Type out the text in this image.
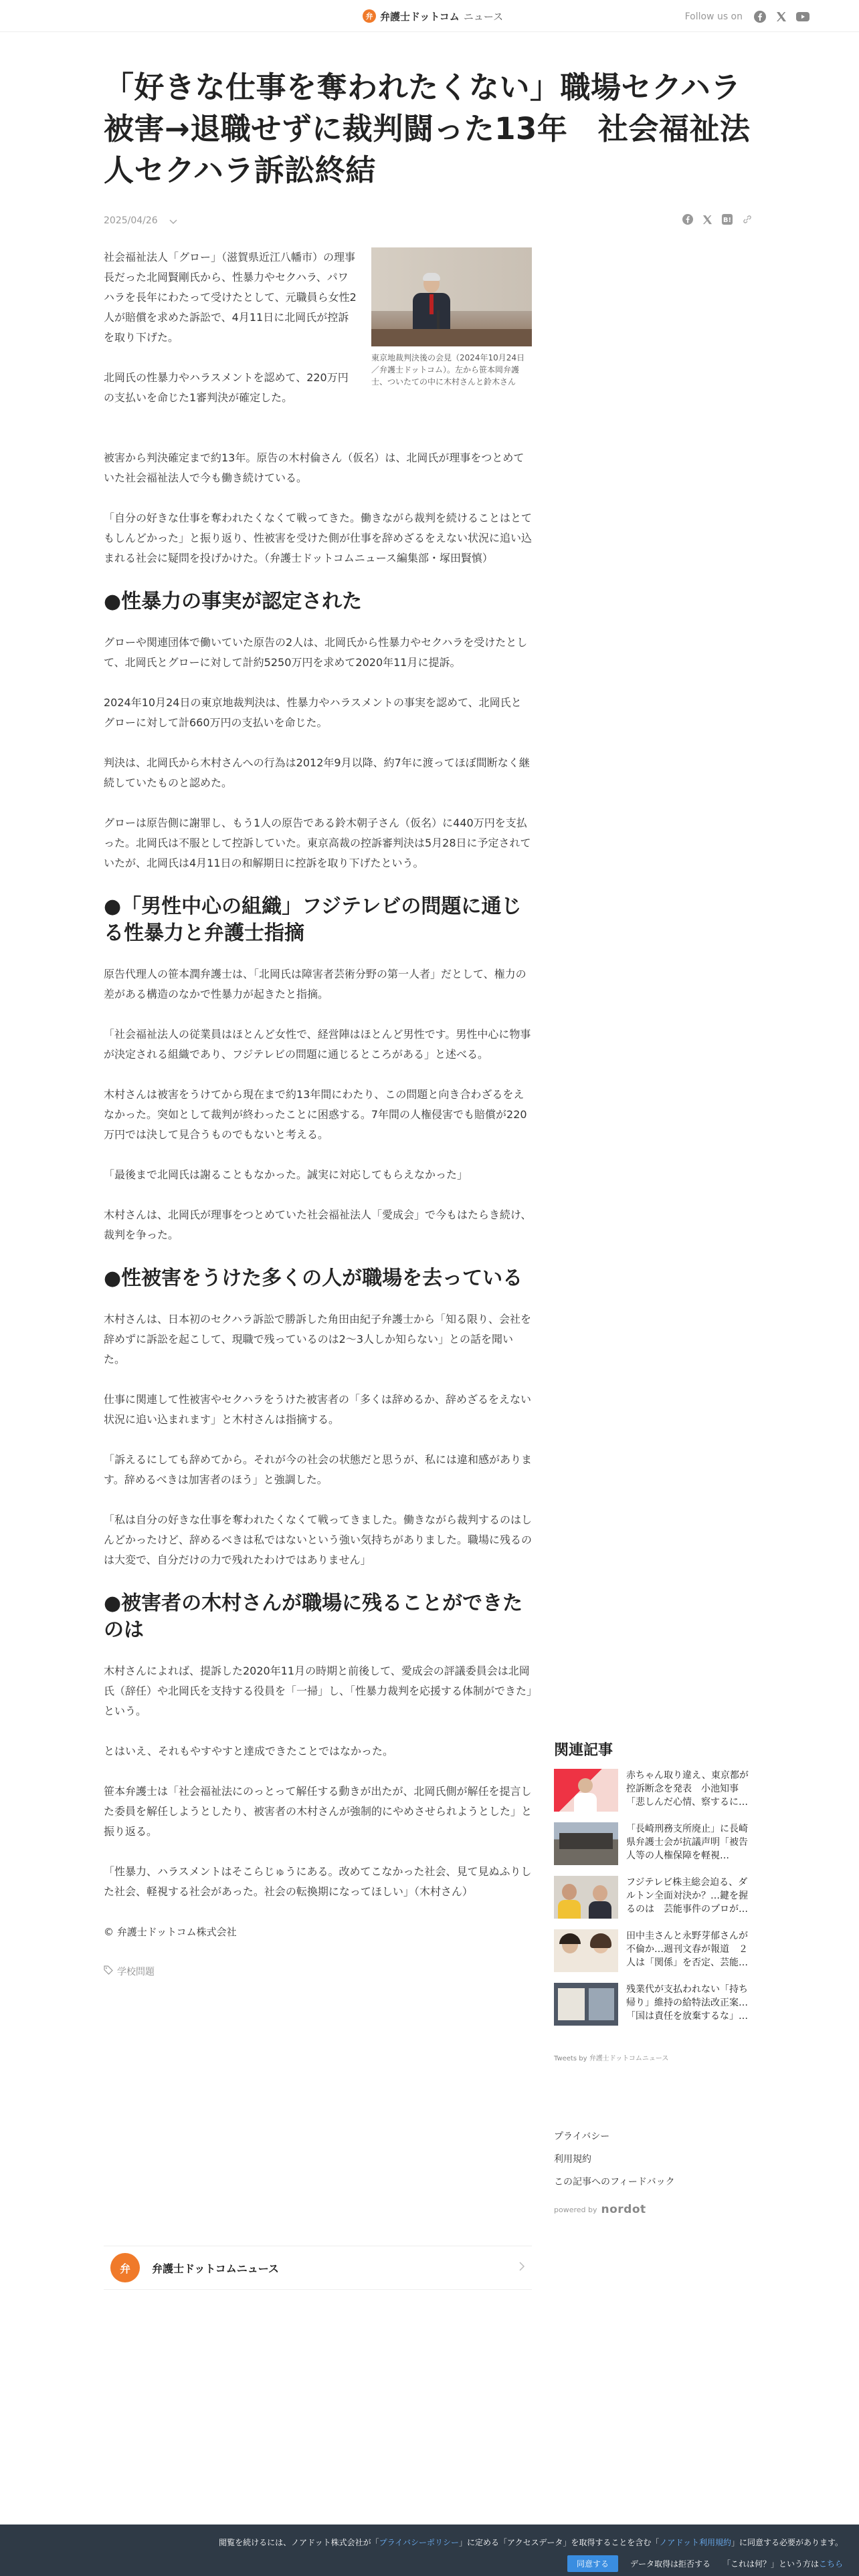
弁 弁護士ドットコム ニュース	Follow us on
「好きな仕事を奪われたくない」職場セクハラ被害→退職せずに裁判闘った13年　社会福祉法人セクハラ訴訟終結
2025/04/26	B!
東京地裁判決後の会見（2024年10月24日／弁護士ドットコム）。左から笹本岡弁護士、ついたての中に木村さんと鈴木さん

社会福祉法人「グロー」（滋賀県近江八幡市）の理事長だった北岡賢剛氏から、性暴力やセクハラ、パワハラを長年にわたって受けたとして、元職員ら女性2人が賠償を求めた訴訟で、4月11日に北岡氏が控訴を取り下げた。

北岡氏の性暴力やハラスメントを認めて、220万円の支払いを命じた1審判決が確定した。

被害から判決確定まで約13年。原告の木村倫さん（仮名）は、北岡氏が理事をつとめていた社会福祉法人で今も働き続けている。

「自分の好きな仕事を奪われたくなくて戦ってきた。働きながら裁判を続けることはとてもしんどかった」と振り返り、性被害を受けた側が仕事を辞めざるをえない状況に追い込まれる社会に疑問を投げかけた。（弁護士ドットコムニュース編集部・塚田賢慎）

●性暴力の事実が認定された

グローや関連団体で働いていた原告の2人は、北岡氏から性暴力やセクハラを受けたとして、北岡氏とグローに対して計約5250万円を求めて2020年11月に提訴。

2024年10月24日の東京地裁判決は、性暴力やハラスメントの事実を認めて、北岡氏とグローに対して計660万円の支払いを命じた。

判決は、北岡氏から木村さんへの行為は2012年9月以降、約7年に渡ってほぼ間断なく継続していたものと認めた。

グローは原告側に謝罪し、もう1人の原告である鈴木朝子さん（仮名）に440万円を支払った。北岡氏は不服として控訴していた。東京高裁の控訴審判決は5月28日に予定されていたが、北岡氏は4月11日の和解期日に控訴を取り下げたという。

●「男性中心の組織」フジテレビの問題に通じる性暴力と弁護士指摘

原告代理人の笹本潤弁護士は、「北岡氏は障害者芸術分野の第一人者」だとして、権力の差がある構造のなかで性暴力が起きたと指摘。

「社会福祉法人の従業員はほとんど女性で、経営陣はほとんど男性です。男性中心に物事が決定される組織であり、フジテレビの問題に通じるところがある」と述べる。

木村さんは被害をうけてから現在まで約13年間にわたり、この問題と向き合わざるをえなかった。突如として裁判が終わったことに困惑する。7年間の人権侵害でも賠償が220万円では決して見合うものでもないと考える。

「最後まで北岡氏は謝ることもなかった。誠実に対応してもらえなかった」

木村さんは、北岡氏が理事をつとめていた社会福祉法人「愛成会」で今もはたらき続け、裁判を争った。

●性被害をうけた多くの人が職場を去っている

木村さんは、日本初のセクハラ訴訟で勝訴した角田由紀子弁護士から「知る限り、会社を辞めずに訴訟を起こして、現職で残っているのは2〜3人しか知らない」との話を聞いた。

仕事に関連して性被害やセクハラをうけた被害者の「多くは辞めるか、辞めざるをえない状況に追い込まれます」と木村さんは指摘する。

「訴えるにしても辞めてから。それが今の社会の状態だと思うが、私には違和感があります。辞めるべきは加害者のほう」と強調した。

「私は自分の好きな仕事を奪われたくなくて戦ってきました。働きながら裁判するのはしんどかったけど、辞めるべきは私ではないという強い気持ちがありました。職場に残るのは大変で、自分だけの力で残れたわけではありません」

●被害者の木村さんが職場に残ることができたのは

木村さんによれば、提訴した2020年11月の時期と前後して、愛成会の評議委員会は北岡氏（辞任）や北岡氏を支持する役員を「一掃」し、「性暴力裁判を応援する体制ができた」という。

とはいえ、それもやすやすと達成できたことではなかった。

笹本弁護士は「社会福祉法にのっとって解任する動きが出たが、北岡氏側が解任を提言した委員を解任しようとしたり、被害者の木村さんが強制的にやめさせられようとした」と振り返る。

「性暴力、ハラスメントはそこらじゅうにある。改めてこなかった社会、見て見ぬふりした社会、軽視する社会があった。社会の転換期になってほしい」（木村さん）

© 弁護士ドットコム株式会社
学校問題
弁	弁護士ドットコムニュース
関連記事
赤ちゃん取り違え、東京都が控訴断念を発表　小池知事「悲しんだ心情、察するに…
「長崎刑務支所廃止」に長崎県弁護士会が抗議声明「被告人等の人権保障を軽視…
フジテレビ株主総会迫る、ダルトン全面対決か？…鍵を握るのは　芸能事件のプロが…
田中圭さんと永野芽郁さんが不倫か…週刊文春が報道　２人は「関係」を否定、芸能…
残業代が支払われない「持ち帰り」維持の給特法改正案…「国は責任を放棄するな」…
Tweets by 弁護士ドットコムニュース
プライバシー
利用規約
この記事へのフィードバック
powered by nordot
閲覧を続けるには、ノアドット株式会社が「プライバシーポリシー」に定める「アクセスデータ」を取得することを含む「ノアドット利用規約」に同意する必要があります。
同意する	データ取得は拒否する 「これは何？」という方はこちら
